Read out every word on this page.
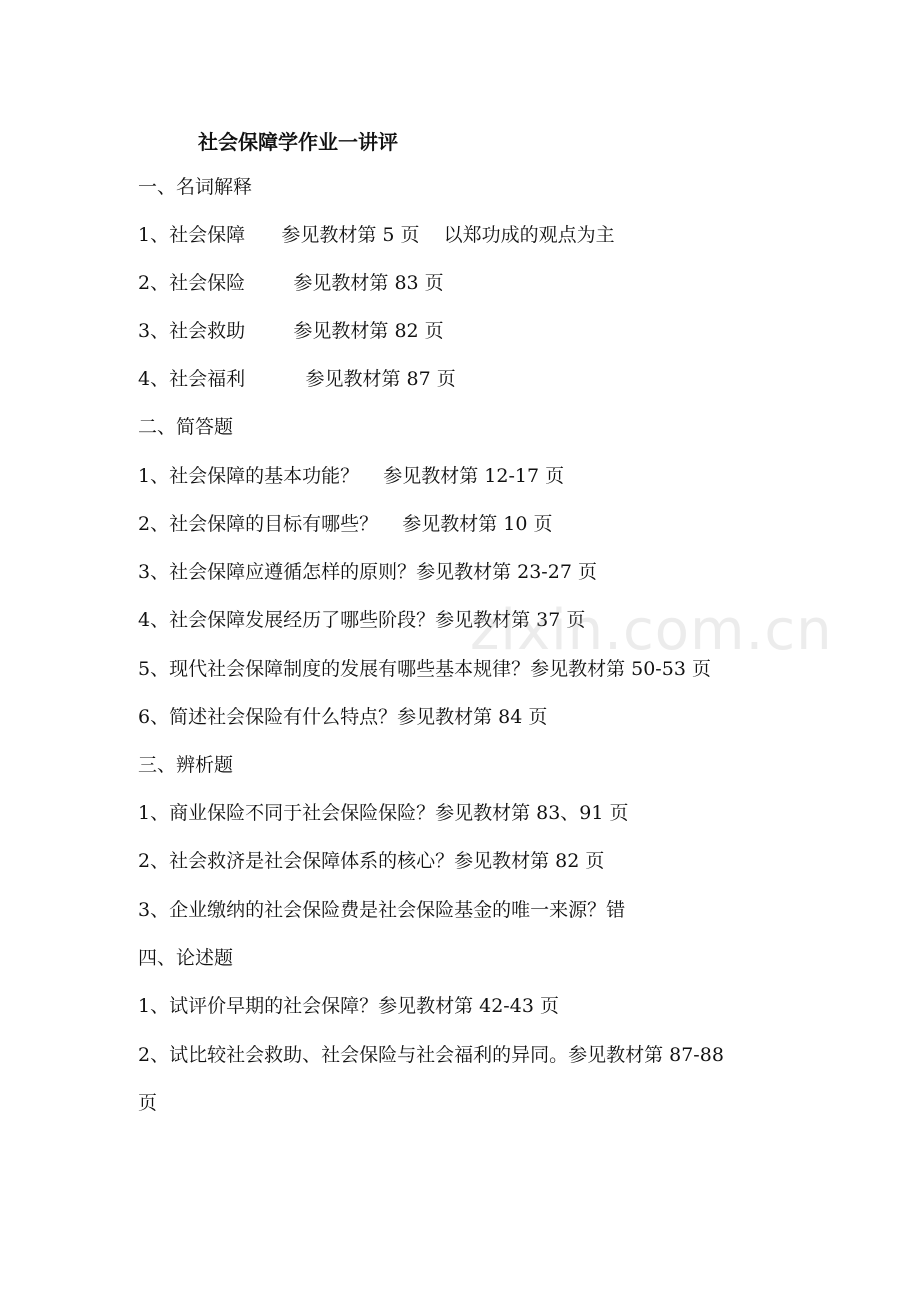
社会保障学作业一讲评
一、名词解释
1、社会保障      参见教材第 5 页    以郑功成的观点为主
2、社会保险        参见教材第 83 页
3、社会救助        参见教材第 82 页
4、社会福利          参见教材第 87 页
二、简答题
1、社会保障的基本功能？    参见教材第 12-17 页
2、社会保障的目标有哪些？    参见教材第 10 页
3、社会保障应遵循怎样的原则？参见教材第 23-27 页
4、社会保障发展经历了哪些阶段？参见教材第 37 页
5、现代社会保障制度的发展有哪些基本规律？参见教材第 50-53 页
6、简述社会保险有什么特点？参见教材第 84 页
三、辨析题
1、商业保险不同于社会保险保险？参见教材第 83、91 页
2、社会救济是社会保障体系的核心？参见教材第 82 页
3、企业缴纳的社会保险费是社会保险基金的唯一来源？错
四、论述题
1、试评价早期的社会保障？参见教材第 42-43 页
2、试比较社会救助、社会保险与社会福利的异同。参见教材第 87-88
页
zixin.com.cn
